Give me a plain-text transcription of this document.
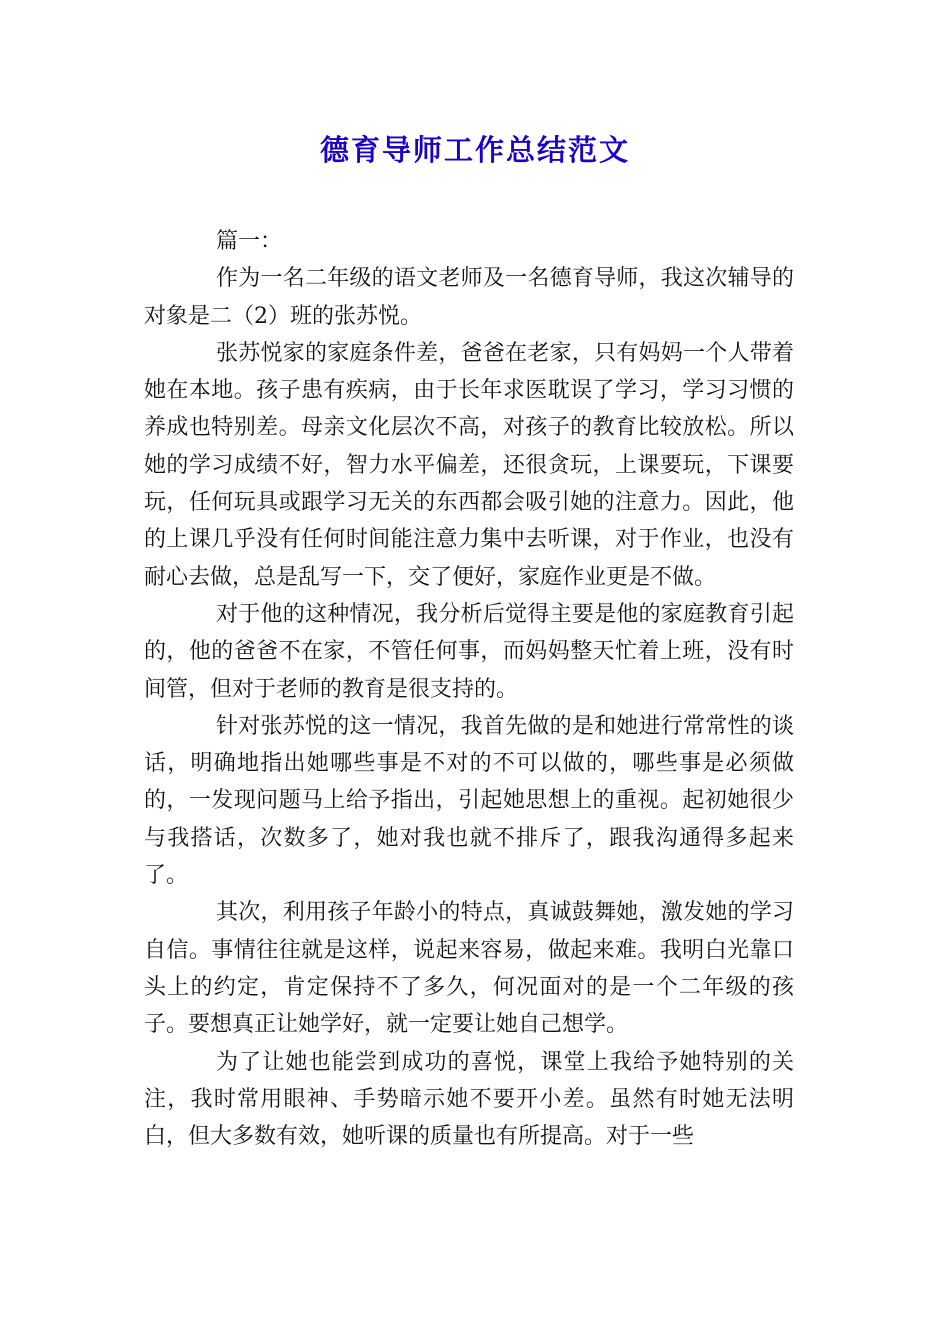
德育导师工作总结范文

篇一：

作为一名二年级的语文老师及一名德育导师，我这次辅导的对象是二（2）班的张苏悦。

张苏悦家的家庭条件差，爸爸在老家，只有妈妈一个人带着她在本地。孩子患有疾病，由于长年求医耽误了学习，学习习惯的养成也特别差。母亲文化层次不高，对孩子的教育比较放松。所以她的学习成绩不好，智力水平偏差，还很贪玩，上课要玩，下课要玩，任何玩具或跟学习无关的东西都会吸引她的注意力。因此，他的上课几乎没有任何时间能注意力集中去听课，对于作业，也没有耐心去做，总是乱写一下，交了便好，家庭作业更是不做。

对于他的这种情况，我分析后觉得主要是他的家庭教育引起的，他的爸爸不在家，不管任何事，而妈妈整天忙着上班，没有时间管，但对于老师的教育是很支持的。

针对张苏悦的这一情况，我首先做的是和她进行常常性的谈话，明确地指出她哪些事是不对的不可以做的，哪些事是必须做的，一发现问题马上给予指出，引起她思想上的重视。起初她很少与我搭话，次数多了，她对我也就不排斥了，跟我沟通得多起来了。

其次，利用孩子年龄小的特点，真诚鼓舞她，激发她的学习自信。事情往往就是这样，说起来容易，做起来难。我明白光靠口头上的约定，肯定保持不了多久，何况面对的是一个二年级的孩子。要想真正让她学好，就一定要让她自己想学。

为了让她也能尝到成功的喜悦，课堂上我给予她特别的关注，我时常用眼神、手势暗示她不要开小差。虽然有时她无法明白，但大多数有效，她听课的质量也有所提高。对于一些
